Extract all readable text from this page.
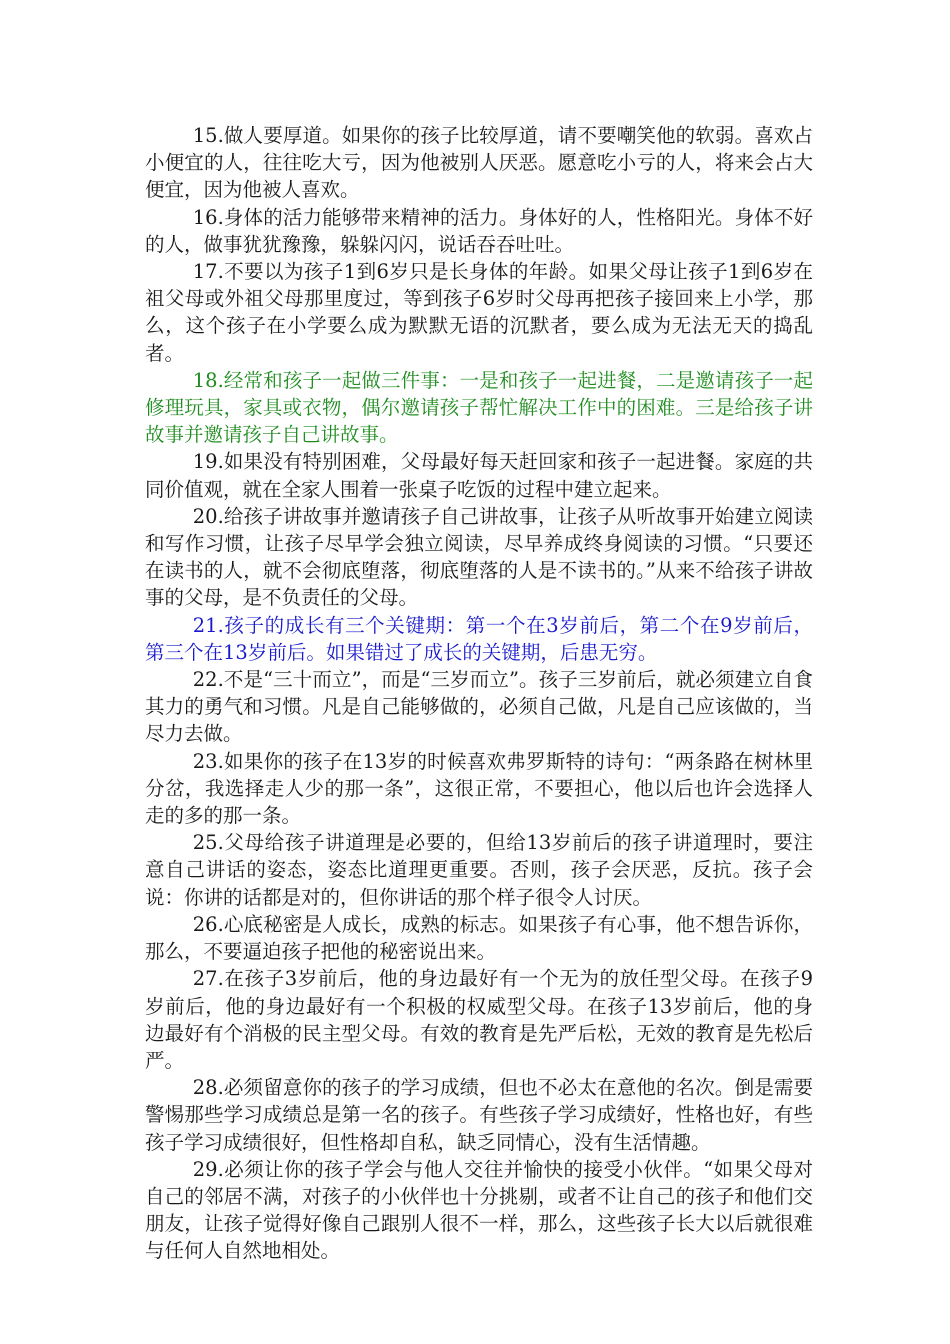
15.做人要厚道。如果你的孩子比较厚道，请不要嘲笑他的软弱。喜欢占小便宜的人，往往吃大亏，因为他被别人厌恶。愿意吃小亏的人，将来会占大便宜，因为他被人喜欢。

16.身体的活力能够带来精神的活力。身体好的人，性格阳光。身体不好的人，做事犹犹豫豫，躲躲闪闪，说话吞吞吐吐。

17.不要以为孩子1到6岁只是长身体的年龄。如果父母让孩子1到6岁在祖父母或外祖父母那里度过，等到孩子6岁时父母再把孩子接回来上小学，那么，这个孩子在小学要么成为默默无语的沉默者，要么成为无法无天的捣乱者。

18.经常和孩子一起做三件事：一是和孩子一起进餐，二是邀请孩子一起修理玩具，家具或衣物，偶尔邀请孩子帮忙解决工作中的困难。三是给孩子讲故事并邀请孩子自己讲故事。

19.如果没有特别困难，父母最好每天赶回家和孩子一起进餐。家庭的共同价值观，就在全家人围着一张桌子吃饭的过程中建立起来。

20.给孩子讲故事并邀请孩子自己讲故事，让孩子从听故事开始建立阅读和写作习惯，让孩子尽早学会独立阅读，尽早养成终身阅读的习惯。“只要还在读书的人，就不会彻底堕落，彻底堕落的人是不读书的。”从来不给孩子讲故事的父母，是不负责任的父母。

21.孩子的成长有三个关键期：第一个在3岁前后，第二个在9岁前后，第三个在13岁前后。如果错过了成长的关键期，后患无穷。

22.不是“三十而立”，而是“三岁而立”。孩子三岁前后，就必须建立自食其力的勇气和习惯。凡是自己能够做的，必须自己做，凡是自己应该做的，当尽力去做。

23.如果你的孩子在13岁的时候喜欢弗罗斯特的诗句：“两条路在树林里分岔，我选择走人少的那一条”，这很正常，不要担心，他以后也许会选择人走的多的那一条。

25.父母给孩子讲道理是必要的，但给13岁前后的孩子讲道理时，要注意自己讲话的姿态，姿态比道理更重要。否则，孩子会厌恶，反抗。孩子会说：你讲的话都是对的，但你讲话的那个样子很令人讨厌。

26.心底秘密是人成长，成熟的标志。如果孩子有心事，他不想告诉你，那么，不要逼迫孩子把他的秘密说出来。

27.在孩子3岁前后，他的身边最好有一个无为的放任型父母。在孩子9岁前后，他的身边最好有一个积极的权威型父母。在孩子13岁前后，他的身边最好有个消极的民主型父母。有效的教育是先严后松，无效的教育是先松后严。

28.必须留意你的孩子的学习成绩，但也不必太在意他的名次。倒是需要警惕那些学习成绩总是第一名的孩子。有些孩子学习成绩好，性格也好，有些孩子学习成绩很好，但性格却自私，缺乏同情心，没有生活情趣。

29.必须让你的孩子学会与他人交往并愉快的接受小伙伴。“如果父母对自己的邻居不满，对孩子的小伙伴也十分挑剔，或者不让自己的孩子和他们交朋友，让孩子觉得好像自己跟别人很不一样，那么，这些孩子长大以后就很难与任何人自然地相处。
